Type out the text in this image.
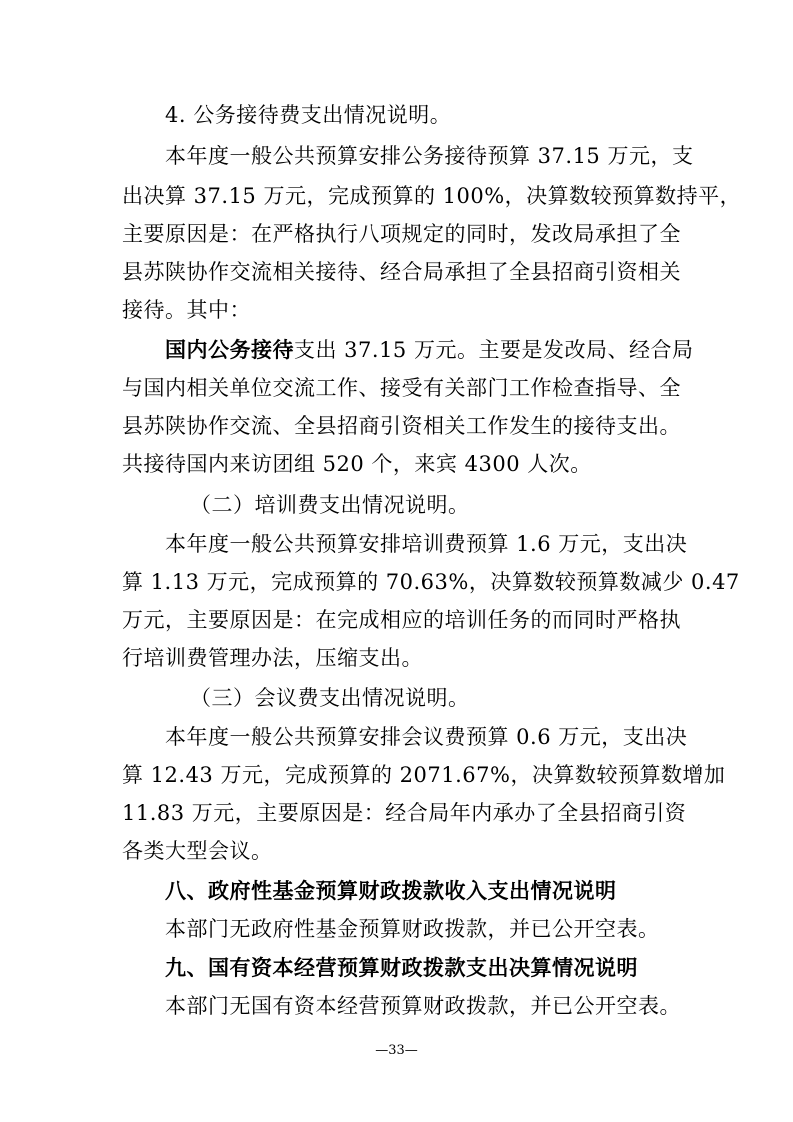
4. 公务接待费支出情况说明。
本年度一般公共预算安排公务接待预算 37.15 万元，支
出决算 37.15 万元，完成预算的 100%，决算数较预算数持平，
主要原因是：在严格执行八项规定的同时，发改局承担了全
县苏陕协作交流相关接待、经合局承担了全县招商引资相关
接待。其中：
国内公务接待支出 37.15 万元。主要是发改局、经合局
与国内相关单位交流工作、接受有关部门工作检查指导、全
县苏陕协作交流、全县招商引资相关工作发生的接待支出。
共接待国内来访团组 520 个，来宾 4300 人次。
（二）培训费支出情况说明。
本年度一般公共预算安排培训费预算 1.6 万元，支出决
算 1.13 万元，完成预算的 70.63%，决算数较预算数减少 0.47
万元，主要原因是：在完成相应的培训任务的而同时严格执
行培训费管理办法，压缩支出。
（三）会议费支出情况说明。
本年度一般公共预算安排会议费预算 0.6 万元，支出决
算 12.43 万元，完成预算的 2071.67%，决算数较预算数增加
11.83 万元，主要原因是：经合局年内承办了全县招商引资
各类大型会议。
八、政府性基金预算财政拨款收入支出情况说明
本部门无政府性基金预算财政拨款，并已公开空表。
九、国有资本经营预算财政拨款支出决算情况说明
本部门无国有资本经营预算财政拨款，并已公开空表。
—33—
